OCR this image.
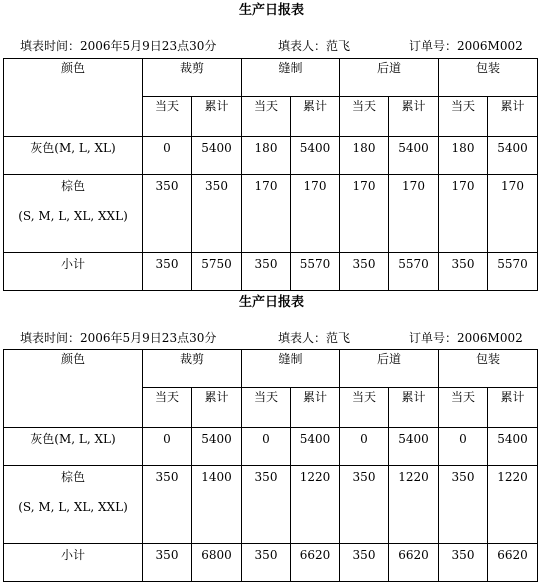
生产日报表
填表时间：2006年5月9日23点30分	填表人：范飞	订单号：2006M002
颜色	裁剪		缝制		后道		包装	
	当天	累计	当天	累计	当天	累计	当天	累计
灰色(M, L, XL)	0	5400	180	5400	180	5400	180	5400
棕色
(S, M, L, XL, XXL)	350	350	170	170	170	170	170	170
小计	350	5750	350	5570	350	5570	350	5570
生产日报表
填表时间：2006年5月9日23点30分	填表人：范飞	订单号：2006M002
颜色	裁剪		缝制		后道		包装	
	当天	累计	当天	累计	当天	累计	当天	累计
灰色(M, L, XL)	0	5400	0	5400	0	5400	0	5400
棕色
(S, M, L, XL, XXL)	350	1400	350	1220	350	1220	350	1220
小计	350	6800	350	6620	350	6620	350	6620
